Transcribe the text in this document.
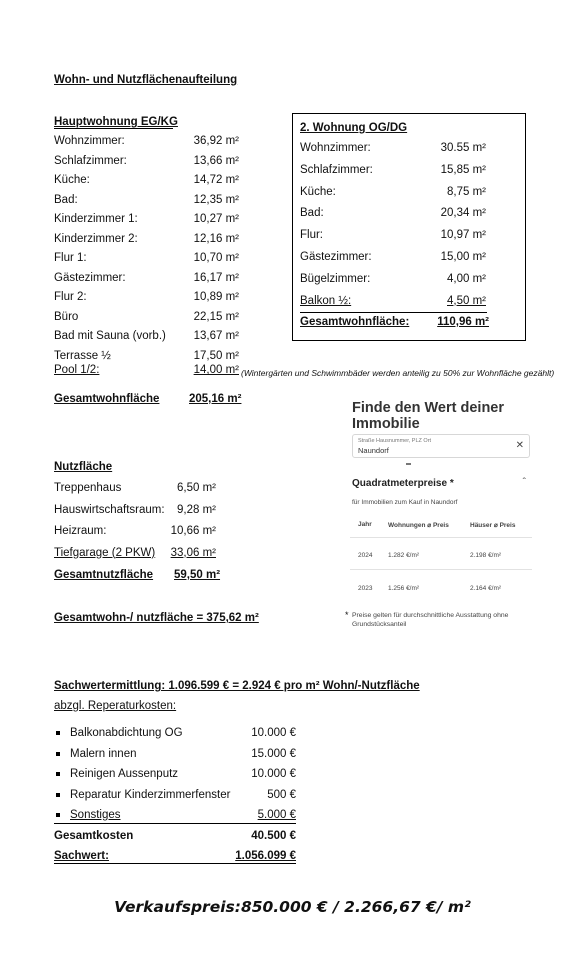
Wohn- und Nutzflächenaufteilung
Hauptwohnung EG/KG
Wohnzimmer:	36,92 m²
Schlafzimmer:	13,66 m²
Küche:	14,72 m²
Bad:	12,35 m²
Kinderzimmer 1:	10,27 m²
Kinderzimmer 2:	12,16 m²
Flur 1:	10,70 m²
Gästezimmer:	16,17 m²
Flur 2:	10,89 m²
Büro	22,15 m²
Bad mit Sauna (vorb.) 13,67 m²
Terrasse ½	17,50 m²
Pool 1/2:	14,00 m² (Wintergärten und Schwimmbäder werden anteilig zu 50% zur Wohnfläche gezählt)
Gesamtwohnfläche	205,16 m²
2. Wohnung OG/DG
Wohnzimmer:	30.55 m²
Schlafzimmer:	15,85 m²
Küche:	8,75 m²
Bad:	20,34 m²
Flur:	10,97 m²
Gästezimmer:	15,00 m²
Bügelzimmer:	4,00 m²
Balkon ½:	4,50 m²
Gesamtwohnfläche: 110,96 m²
Finde den Wert deiner
Immobilie
Straße Hausnummer, PLZ Ort
Naundorf	✕
Quadratmeterpreise *	ˆ
für Immobilien zum Kauf in Naundorf
Jahr	Wohnungen ⌀ Preis	Häuser ⌀ Preis
2024 1.282 €/m²	2.198 €/m²
2023 1.256 €/m²	2.164 €/m²
* Preise gelten für durchschnittliche Ausstattung ohne
Grundstücksanteil
Nutzfläche
Treppenhaus	6,50 m²
Hauswirtschaftsraum: 9,28 m²
Heizraum:	10,66 m²
Tiefgarage (2 PKW) 33,06 m²
Gesamtnutzfläche 59,50 m²
Gesamtwohn-/ nutzfläche = 375,62 m²
Sachwertermittlung: 1.096.599 € = 2.924 € pro m² Wohn/-Nutzfläche
abzgl. Reperaturkosten:
Balkonabdichtung OG	10.000 €
Malern innen	15.000 €
Reinigen Aussenputz	10.000 €
Reparatur Kinderzimmerfenster	500 €
Sonstiges	5.000 €
Gesamtkosten	40.500 €
Sachwert:	1.056.099 €
Verkaufspreis:850.000 € / 2.266,67 €/ m²
